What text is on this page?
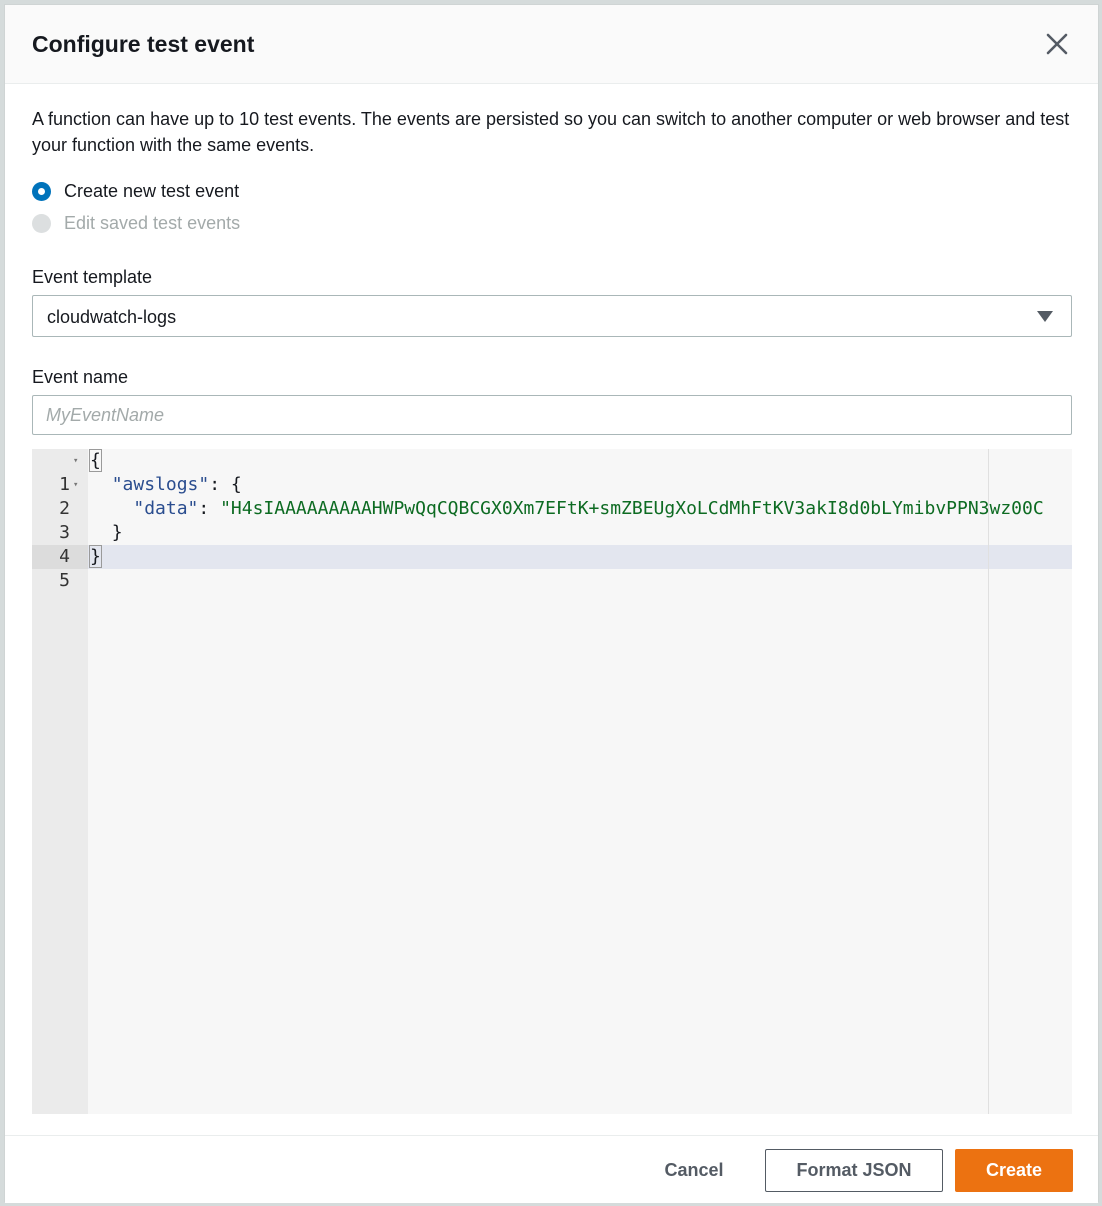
Configure test event
A function can have up to 10 test events. The events are persisted so you can switch to another computer or web browser and test your function with the same events.
Create new test event
Edit saved test events
Event template
cloudwatch-logs
Event name
MyEventName

1

▾

{

2

▾

	"awslogs": {

3

"data": "H4sIAAAAAAAAAHWPwQqCQBCGX0Xm7EFtK+smZBEUgXoLCdMhFtKV3akI8d0bLYmibvPPN3wz00C

4

}

5

}

Cancel	Format JSON	Create
